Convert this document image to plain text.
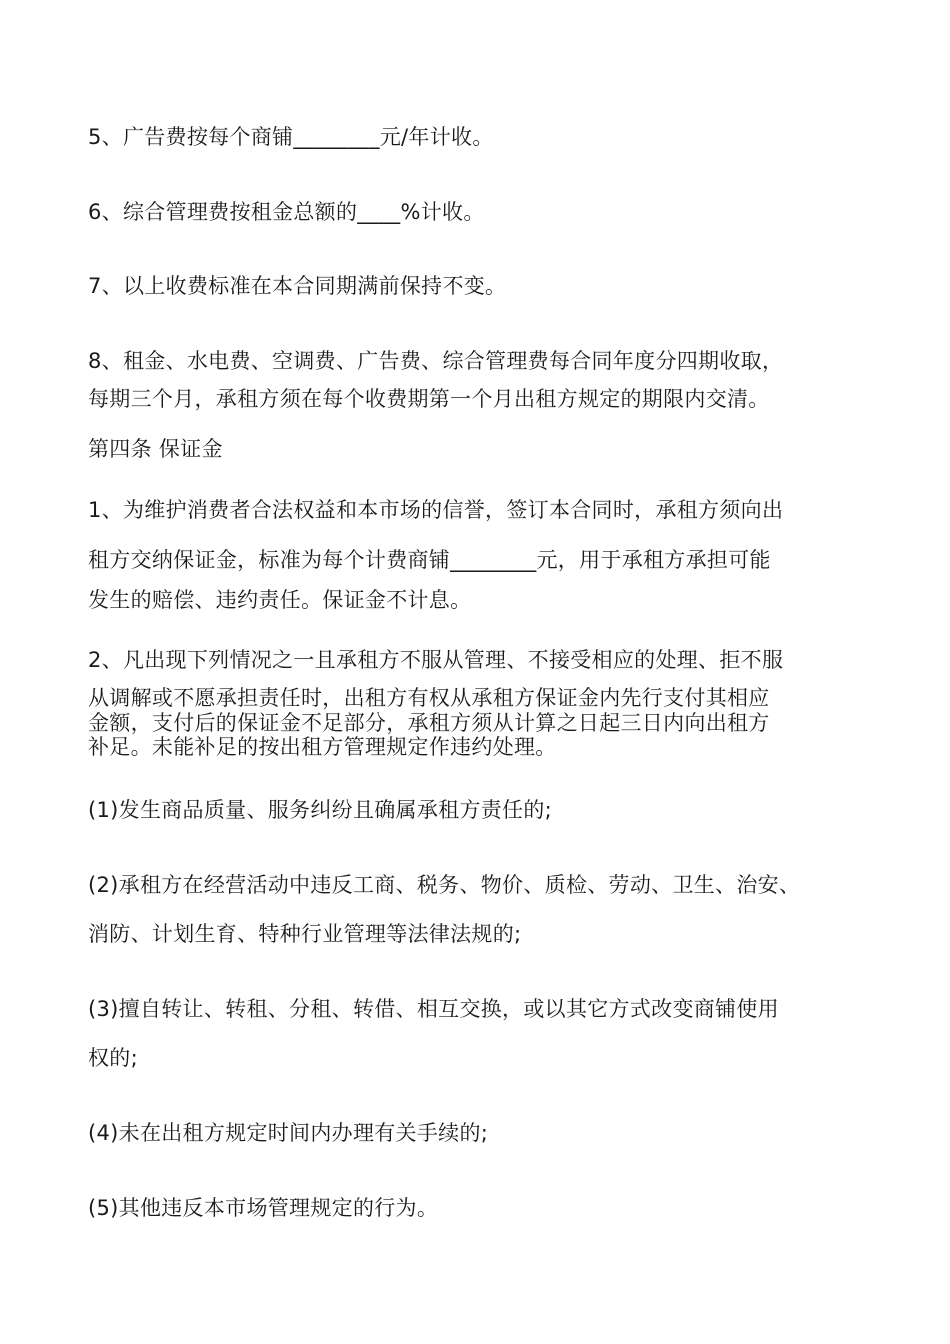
5、广告费按每个商铺________元/年计收。
6、综合管理费按租金总额的____%计收。
7、以上收费标准在本合同期满前保持不变。
8、租金、水电费、空调费、广告费、综合管理费每合同年度分四期收取，
每期三个月，承租方须在每个收费期第一个月出租方规定的期限内交清。
第四条 保证金
1、为维护消费者合法权益和本市场的信誉，签订本合同时，承租方须向出
租方交纳保证金，标准为每个计费商铺________元，用于承租方承担可能
发生的赔偿、违约责任。保证金不计息。
2、凡出现下列情况之一且承租方不服从管理、不接受相应的处理、拒不服
从调解或不愿承担责任时，出租方有权从承租方保证金内先行支付其相应
金额，支付后的保证金不足部分，承租方须从计算之日起三日内向出租方
补足。未能补足的按出租方管理规定作违约处理。
(1)发生商品质量、服务纠纷且确属承租方责任的;
(2)承租方在经营活动中违反工商、税务、物价、质检、劳动、卫生、治安、
消防、计划生育、特种行业管理等法律法规的;
(3)擅自转让、转租、分租、转借、相互交换，或以其它方式改变商铺使用
权的;
(4)未在出租方规定时间内办理有关手续的;
(5)其他违反本市场管理规定的行为。
